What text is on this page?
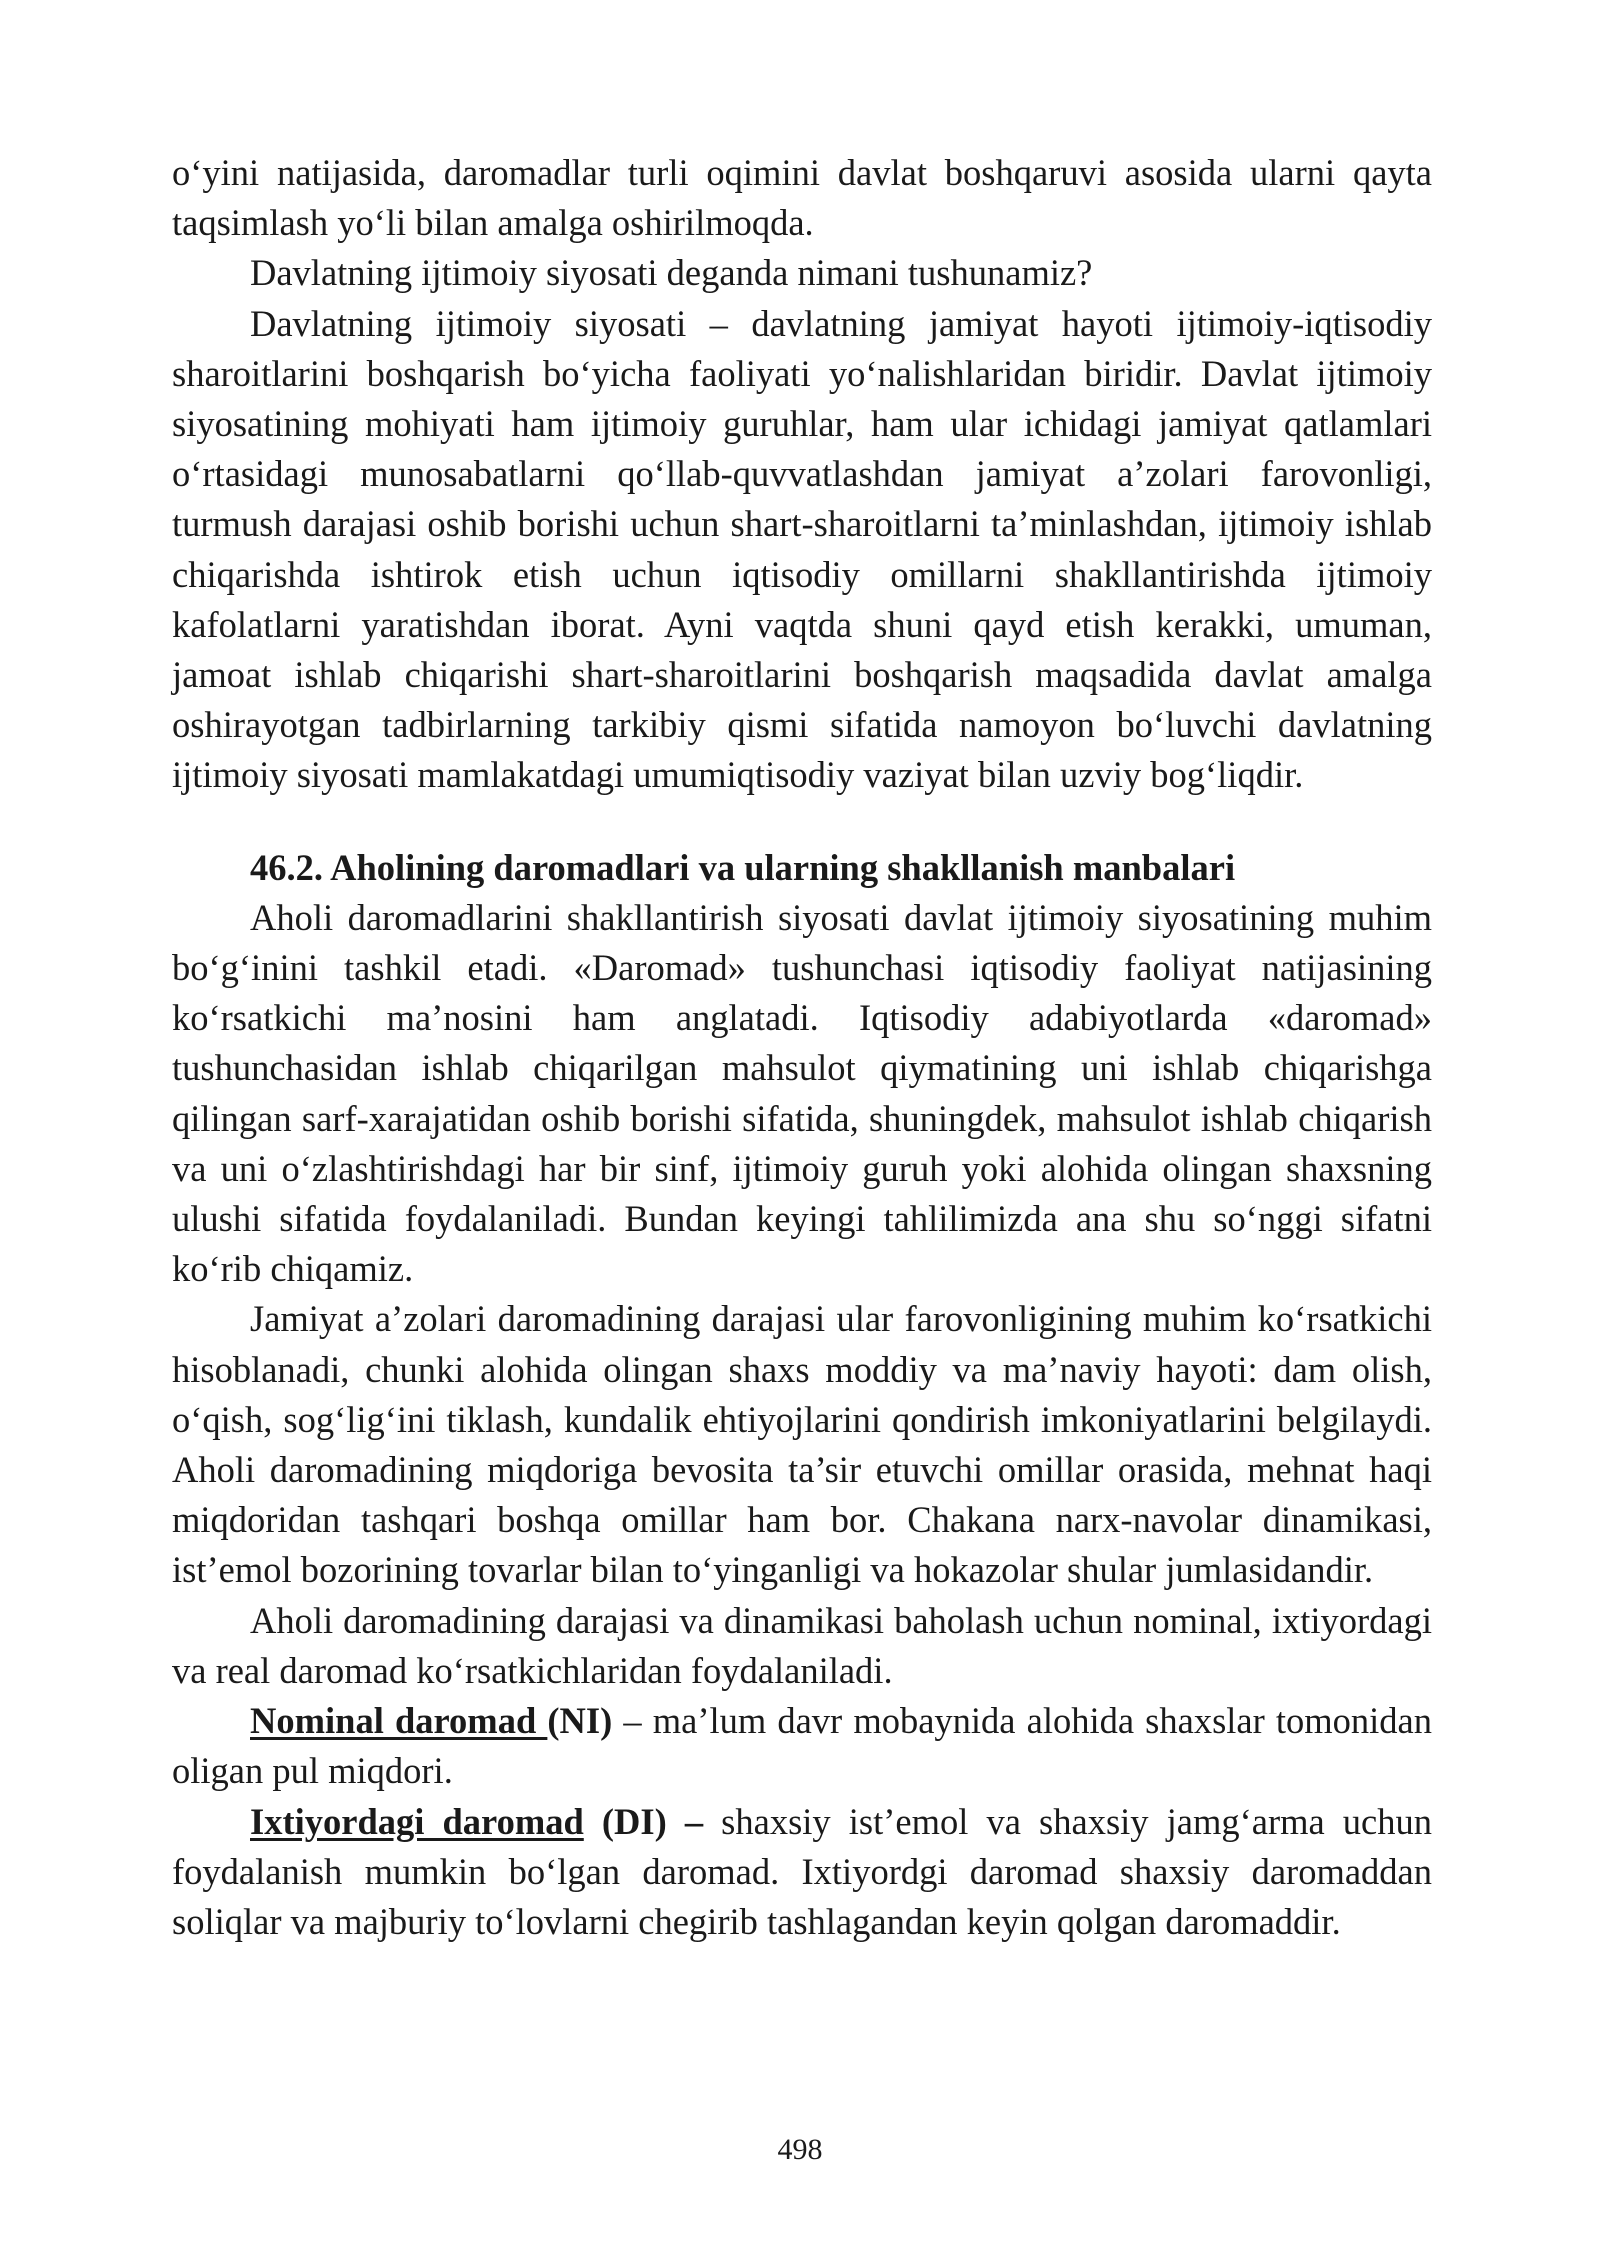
o‘yini natijasida, daromadlar turli oqimini davlat boshqaruvi asosida ularni qayta taqsimlash yo‘li bilan amalga oshirilmoqda.

Davlatning ijtimoiy siyosati deganda nimani tushunamiz?

Davlatning ijtimoiy siyosati – davlatning jamiyat hayoti ijtimoiy-iqtisodiy sharoitlarini boshqarish bo‘yicha faoliyati yo‘nalishlaridan biridir. Davlat ijtimoiy siyosatining mohiyati ham ijtimoiy guruhlar, ham ular ichidagi jamiyat qatlamlari o‘rtasidagi munosabatlarni qo‘llab-quvvatlashdan jamiyat a’zolari farovonligi, turmush darajasi oshib borishi uchun shart-sharoitlarni ta’minlashdan, ijtimoiy ishlab chiqarishda ishtirok etish uchun iqtisodiy omillarni shakllantirishda ijtimoiy kafolatlarni yaratishdan iborat. Ayni vaqtda shuni qayd etish kerakki, umuman, jamoat ishlab chiqarishi shart-sharoitlarini boshqarish maqsadida davlat amalga oshirayotgan tadbirlarning tarkibiy qismi sifatida namoyon bo‘luvchi davlatning ijtimoiy siyosati mamlakatdagi umumiqtisodiy vaziyat bilan uzviy bog‘liqdir.

46.2. Aholining daromadlari va ularning shakllanish manbalari

Aholi daromadlarini shakllantirish siyosati davlat ijtimoiy siyosatining muhim bo‘g‘inini tashkil etadi. «Daromad» tushunchasi iqtisodiy faoliyat natijasining ko‘rsatkichi ma’nosini ham anglatadi. Iqtisodiy adabiyotlarda «daromad» tushunchasidan ishlab chiqarilgan mahsulot qiymatining uni ishlab chiqarishga qilingan sarf-xarajatidan oshib borishi sifatida, shuningdek, mahsulot ishlab chiqarish va uni o‘zlashtirishdagi har bir sinf, ijtimoiy guruh yoki alohida olingan shaxsning ulushi sifatida foydalaniladi. Bundan keyingi tahlilimizda ana shu so‘nggi sifatni ko‘rib chiqamiz.

Jamiyat a’zolari daromadining darajasi ular farovonligining muhim ko‘rsatkichi hisoblanadi, chunki alohida olingan shaxs moddiy va ma’naviy hayoti: dam olish, o‘qish, sog‘lig‘ini tiklash, kundalik ehtiyojlarini qondirish imkoniyatlarini belgilaydi. Aholi daromadining miqdoriga bevosita ta’sir etuvchi omillar orasida, mehnat haqi miqdoridan tashqari boshqa omillar ham bor. Chakana narx-navolar dinamikasi, ist’emol bozorining tovarlar bilan to‘yinganligi va hokazolar shular jumlasidandir.

Aholi daromadining darajasi va dinamikasi baholash uchun nominal, ixtiyordagi va real daromad ko‘rsatkichlaridan foydalaniladi.

Nominal daromad (NI) – ma’lum davr mobaynida alohida shaxslar tomonidan oligan pul miqdori.

Ixtiyordagi daromad (DI) – shaxsiy ist’emol va shaxsiy jamg‘arma uchun foydalanish mumkin bo‘lgan daromad. Ixtiyordgi daromad shaxsiy daromaddan soliqlar va majburiy to‘lovlarni chegirib tashlagandan keyin qolgan daromaddir.

498
